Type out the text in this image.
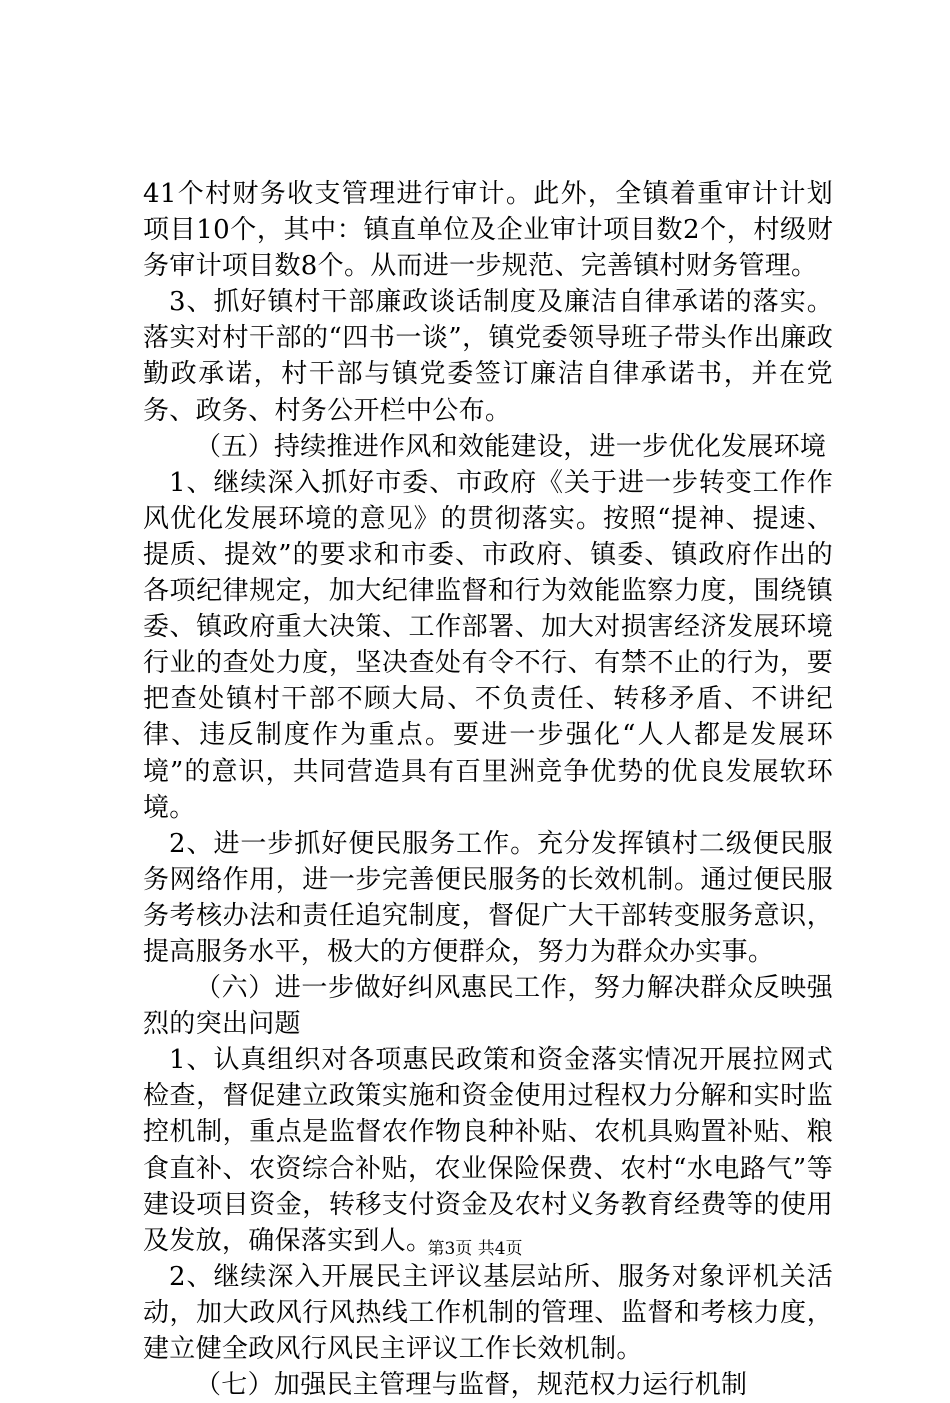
41个村财务收支管理进行审计。此外，全镇着重审计计划项目10个，其中：镇直单位及企业审计项目数2个，村级财务审计项目数8个。从而进一步规范、完善镇村财务管理。

3、抓好镇村干部廉政谈话制度及廉洁自律承诺的落实。落实对村干部的“四书一谈”，镇党委领导班子带头作出廉政勤政承诺，村干部与镇党委签订廉洁自律承诺书，并在党务、政务、村务公开栏中公布。

（五）持续推进作风和效能建设，进一步优化发展环境

1、继续深入抓好市委、市政府《关于进一步转变工作作风优化发展环境的意见》的贯彻落实。按照“提神、提速、提质、提效”的要求和市委、市政府、镇委、镇政府作出的各项纪律规定，加大纪律监督和行为效能监察力度，围绕镇委、镇政府重大决策、工作部署、加大对损害经济发展环境行业的查处力度，坚决查处有令不行、有禁不止的行为，要把查处镇村干部不顾大局、不负责任、转移矛盾、不讲纪律、违反制度作为重点。要进一步强化“人人都是发展环境”的意识，共同营造具有百里洲竞争优势的优良发展软环境。

2、进一步抓好便民服务工作。充分发挥镇村二级便民服务网络作用，进一步完善便民服务的长效机制。通过便民服务考核办法和责任追究制度，督促广大干部转变服务意识，提高服务水平，极大的方便群众，努力为群众办实事。

（六）进一步做好纠风惠民工作，努力解决群众反映强烈的突出问题

1、认真组织对各项惠民政策和资金落实情况开展拉网式检查，督促建立政策实施和资金使用过程权力分解和实时监控机制，重点是监督农作物良种补贴、农机具购置补贴、粮食直补、农资综合补贴，农业保险保费、农村“水电路气”等建设项目资金，转移支付资金及农村义务教育经费等的使用及发放，确保落实到人。

2、继续深入开展民主评议基层站所、服务对象评机关活动，加大政风行风热线工作机制的管理、监督和考核力度，建立健全政风行风民主评议工作长效机制。

（七）加强民主管理与监督，规范权力运行机制

第3页 共4页
